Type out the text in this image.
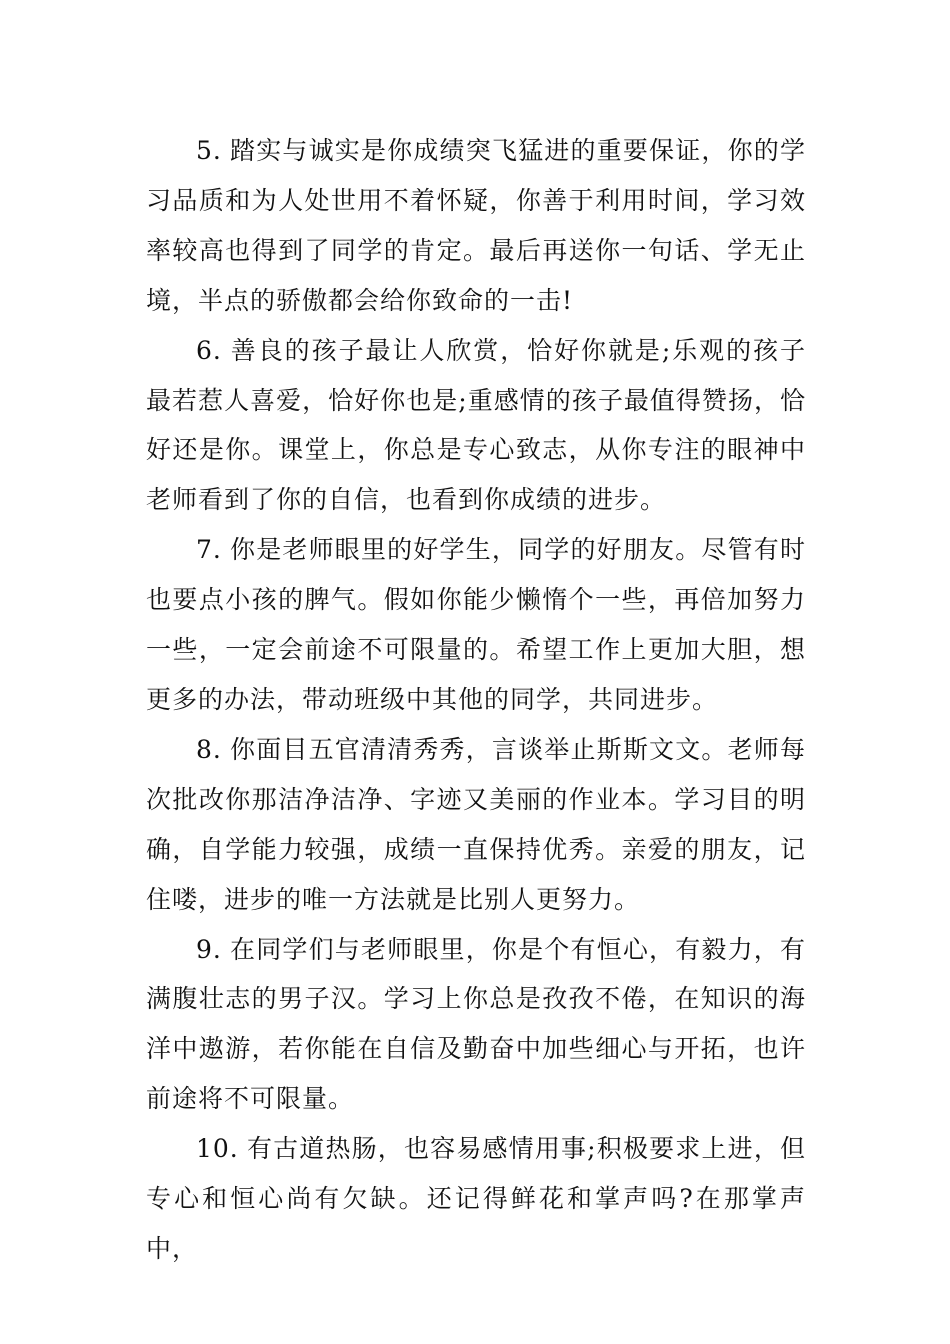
5. 踏实与诚实是你成绩突飞猛进的重要保证，你的学习品质和为人处世用不着怀疑，你善于利用时间，学习效率较高也得到了同学的肯定。最后再送你一句话、学无止境，半点的骄傲都会给你致命的一击!

6. 善良的孩子最让人欣赏，恰好你就是;乐观的孩子最若惹人喜爱，恰好你也是;重感情的孩子最值得赞扬，恰好还是你。课堂上，你总是专心致志，从你专注的眼神中老师看到了你的自信，也看到你成绩的进步。

7. 你是老师眼里的好学生，同学的好朋友。尽管有时也要点小孩的脾气。假如你能少懒惰个一些，再倍加努力一些，一定会前途不可限量的。希望工作上更加大胆，想更多的办法，带动班级中其他的同学，共同进步。

8. 你面目五官清清秀秀，言谈举止斯斯文文。老师每次批改你那洁净洁净、字迹又美丽的作业本。学习目的明确，自学能力较强，成绩一直保持优秀。亲爱的朋友，记住喽，进步的唯一方法就是比别人更努力。

9. 在同学们与老师眼里，你是个有恒心，有毅力，有满腹壮志的男子汉。学习上你总是孜孜不倦，在知识的海洋中遨游，若你能在自信及勤奋中加些细心与开拓，也许前途将不可限量。

10. 有古道热肠，也容易感情用事;积极要求上进，但专心和恒心尚有欠缺。还记得鲜花和掌声吗?在那掌声中，
